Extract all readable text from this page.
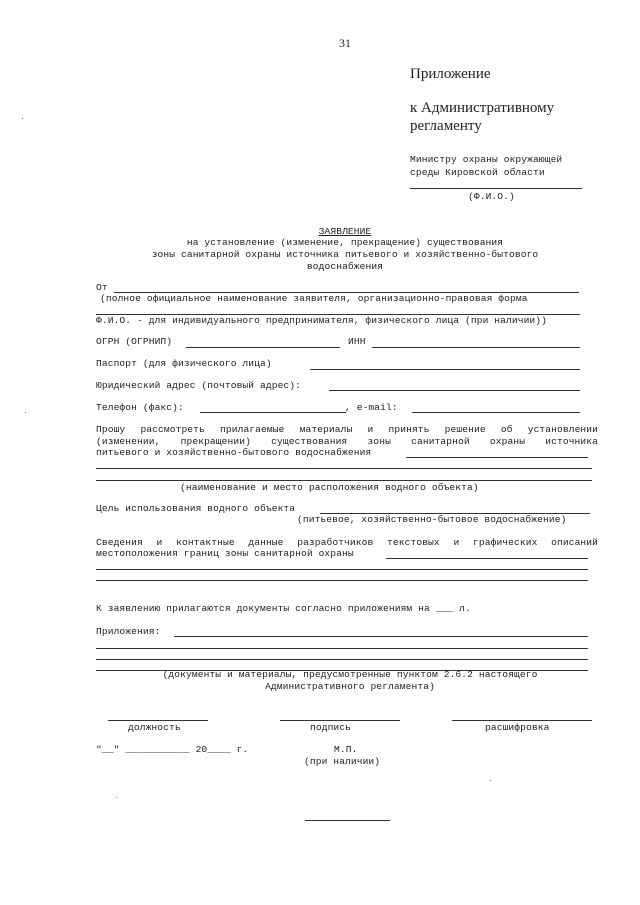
31
Приложение
к Административному
регламенту
Министру охраны окружающей
среды Кировской области
(Ф.И.О.)
ЗАЯВЛЕНИЕ
на установление (изменение, прекращение) существования
зоны санитарной охраны источника питьевого и хозяйственно-бытового
водоснабжения
От
(полное официальное наименование заявителя, организационно-правовая форма
Ф.И.О. - для индивидуального предпринимателя, физического лица (при наличии))
ОГРН (ОГРНИП)	ИНН
Паспорт (для физического лица)
Юридический адрес (почтовый адрес):
Телефон (факс):	, e-mail:
Прошу рассмотреть прилагаемые материалы и принять решение об установлении
(изменении, прекращении) существования зоны санитарной охраны источника
питьевого и хозяйственно-бытового водоснабжения
(наименование и место расположения водного объекта)
Цель использования водного объекта
(питьевое, хозяйственно-бытовое водоснабжение)
Сведения и контактные данные разработчиков текстовых и графических описаний
местоположения границ зоны санитарной охраны
К заявлению прилагаются документы согласно приложениям на ___ л.
Приложения:
(документы и материалы, предусмотренные пунктом 2.6.2 настоящего
Административного регламента)
должность	подпись	расшифровка
"__" ___________ 20____ г.	М.П.
(при наличии)
